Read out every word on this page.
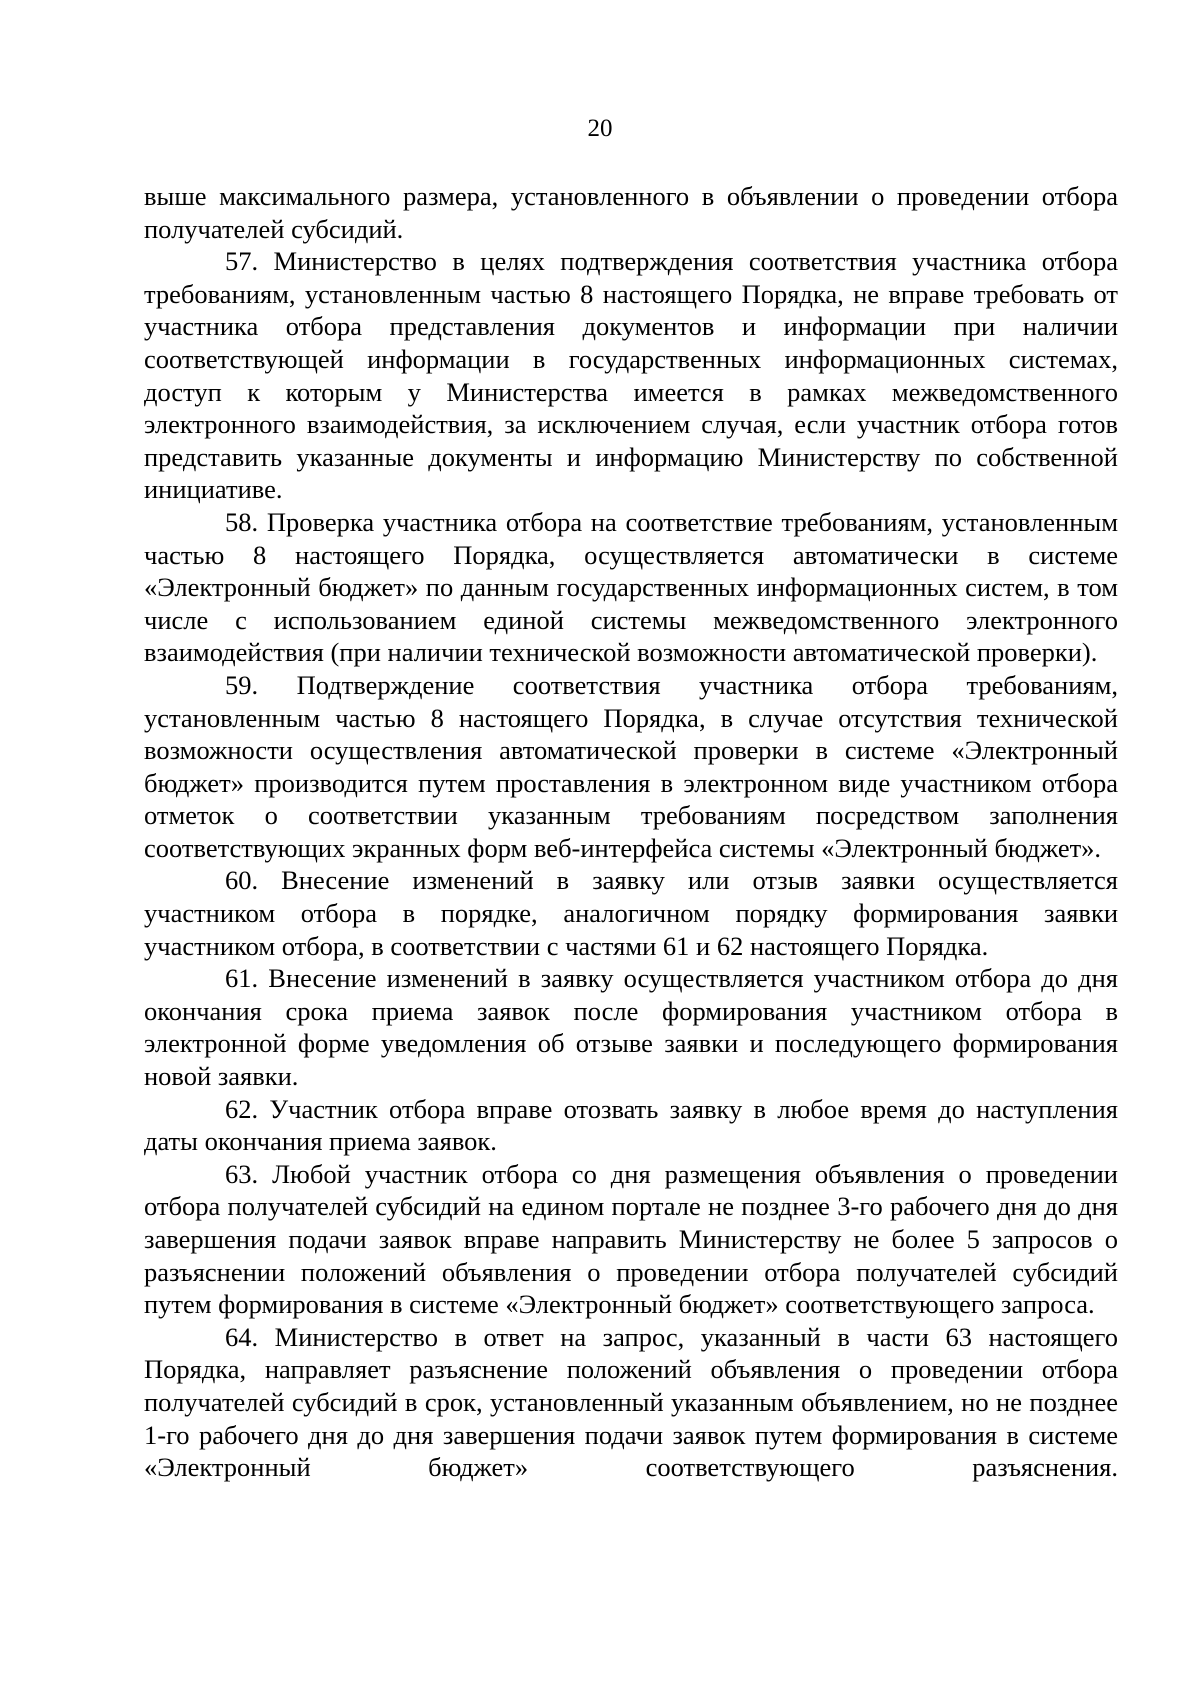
20

выше максимального размера, установленного в объявлении о проведении отбора получателей субсидий.

57. Министерство в целях подтверждения соответствия участника отбора требованиям, установленным частью 8 настоящего Порядка, не вправе требовать от участника отбора представления документов и информации при наличии соответствующей информации в государственных информационных системах, доступ к которым у Министерства имеется в рамках межведомственного электронного взаимодействия, за исключением случая, если участник отбора готов представить указанные документы и информацию Министерству по собственной инициативе.

58. Проверка участника отбора на соответствие требованиям, установленным частью 8 настоящего Порядка, осуществляется автоматически в системе «Электронный бюджет» по данным государственных информационных систем, в том числе с использованием единой системы межведомственного электронного взаимодействия (при наличии технической возможности автоматической проверки).

59. Подтверждение соответствия участника отбора требованиям, установленным частью 8 настоящего Порядка, в случае отсутствия технической возможности осуществления автоматической проверки в системе «Электронный бюджет» производится путем проставления в электронном виде участником отбора отметок о соответствии указанным требованиям посредством заполнения соответствующих экранных форм веб-интерфейса системы «Электронный бюджет».

60. Внесение изменений в заявку или отзыв заявки осуществляется участником отбора в порядке, аналогичном порядку формирования заявки участником отбора, в соответствии с частями 61 и 62 настоящего Порядка.

61. Внесение изменений в заявку осуществляется участником отбора до дня окончания срока приема заявок после формирования участником отбора в электронной форме уведомления об отзыве заявки и последующего формирования новой заявки.

62. Участник отбора вправе отозвать заявку в любое время до наступления даты окончания приема заявок.

63. Любой участник отбора со дня размещения объявления о проведении отбора получателей субсидий на едином портале не позднее 3-го рабочего дня до дня завершения подачи заявок вправе направить Министерству не более 5 запросов о разъяснении положений объявления о проведении отбора получателей субсидий путем формирования в системе «Электронный бюджет» соответствующего запроса.

64. Министерство в ответ на запрос, указанный в части 63 настоящего Порядка, направляет разъяснение положений объявления о проведении отбора получателей субсидий в срок, установленный указанным объявлением, но не позднее 1-го рабочего дня до дня завершения подачи заявок путем формирования в системе «Электронный бюджет» соответствующего разъяснения.
